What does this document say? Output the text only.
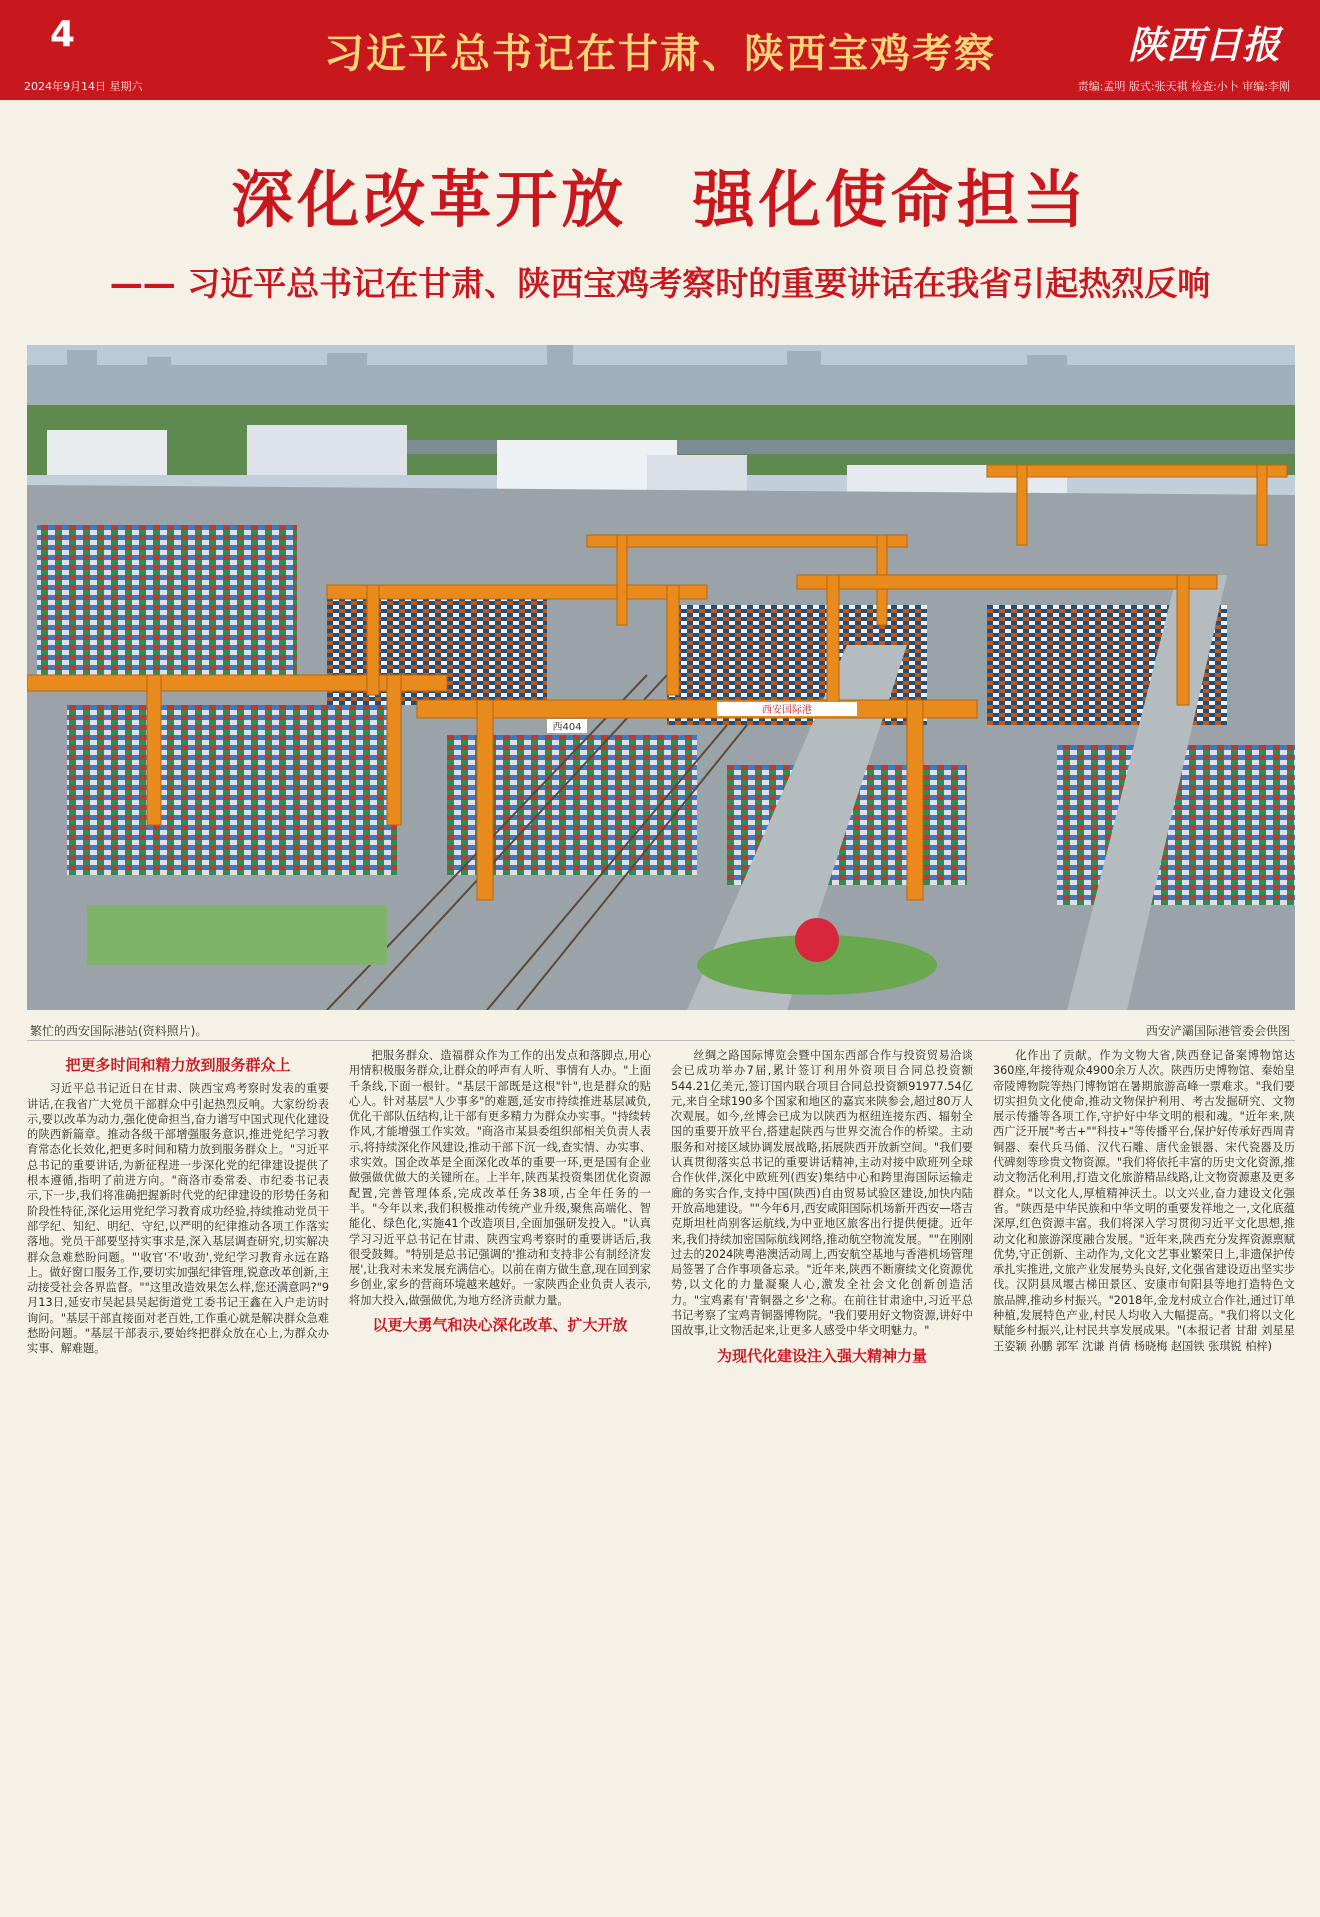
4	习近平总书记在甘肃、陕西宝鸡考察	陕西日报
2024年9月14日 星期六	责编:孟明 版式:张天祺 检查:小卜 审编:李刚
深化改革开放 强化使命担当
—— 习近平总书记在甘肃、陕西宝鸡考察时的重要讲话在我省引起热烈反响
西安国际港
西404
繁忙的西安国际港站(资料照片)。	西安浐灞国际港管委会供图
把更多时间和精力放到服务群众上

习近平总书记近日在甘肃、陕西宝鸡考察时发表的重要讲话,在我省广大党员干部群众中引起热烈反响。大家纷纷表示,要以改革为动力,强化使命担当,奋力谱写中国式现代化建设的陕西新篇章。推动各级干部增强服务意识,推进党纪学习教育常态化长效化,把更多时间和精力放到服务群众上。"习近平总书记的重要讲话,为新征程进一步深化党的纪律建设提供了根本遵循,指明了前进方向。"商洛市委常委、市纪委书记表示,下一步,我们将准确把握新时代党的纪律建设的形势任务和阶段性特征,深化运用党纪学习教育成功经验,持续推动党员干部学纪、知纪、明纪、守纪,以严明的纪律推动各项工作落实落地。党员干部要坚持实事求是,深入基层调查研究,切实解决群众急难愁盼问题。"'收官'不'收劲',党纪学习教育永远在路上。做好窗口服务工作,要切实加强纪律管理,锐意改革创新,主动接受社会各界监督。""这里改造效果怎么样,您还满意吗?"9月13日,延安市吴起县吴起街道党工委书记王鑫在入户走访时询问。"基层干部直接面对老百姓,工作重心就是解决群众急难愁盼问题。"基层干部表示,要始终把群众放在心上,为群众办实事、解难题。

把服务群众、造福群众作为工作的出发点和落脚点,用心用情积极服务群众,让群众的呼声有人听、事情有人办。"上面千条线,下面一根针。"基层干部既是这根"针",也是群众的贴心人。针对基层"人少事多"的难题,延安市持续推进基层减负,优化干部队伍结构,让干部有更多精力为群众办实事。"持续转作风,才能增强工作实效。"商洛市某县委组织部相关负责人表示,将持续深化作风建设,推动干部下沉一线,查实情、办实事、求实效。国企改革是全面深化改革的重要一环,更是国有企业做强做优做大的关键所在。上半年,陕西某投资集团优化资源配置,完善管理体系,完成改革任务38项,占全年任务的一半。"今年以来,我们积极推动传统产业升级,聚焦高端化、智能化、绿色化,实施41个改造项目,全面加强研发投入。"认真学习习近平总书记在甘肃、陕西宝鸡考察时的重要讲话后,我很受鼓舞。"特别是总书记强调的'推动和支持非公有制经济发展',让我对未来发展充满信心。以前在南方做生意,现在回到家乡创业,家乡的营商环境越来越好。一家陕西企业负责人表示,将加大投入,做强做优,为地方经济贡献力量。

以更大勇气和决心深化改革、扩大开放

丝绸之路国际博览会暨中国东西部合作与投资贸易洽谈会已成功举办7届,累计签订利用外资项目合同总投资额544.21亿美元,签订国内联合项目合同总投资额91977.54亿元,来自全球190多个国家和地区的嘉宾来陕参会,超过80万人次观展。如今,丝博会已成为以陕西为枢纽连接东西、辐射全国的重要开放平台,搭建起陕西与世界交流合作的桥梁。主动服务和对接区域协调发展战略,拓展陕西开放新空间。"我们要认真贯彻落实总书记的重要讲话精神,主动对接中欧班列全球合作伙伴,深化中欧班列(西安)集结中心和跨里海国际运输走廊的务实合作,支持中国(陕西)自由贸易试验区建设,加快内陆开放高地建设。""今年6月,西安咸阳国际机场新开西安—塔吉克斯坦杜尚别客运航线,为中亚地区旅客出行提供便捷。近年来,我们持续加密国际航线网络,推动航空物流发展。""在刚刚过去的2024陕粤港澳活动周上,西安航空基地与香港机场管理局签署了合作事项备忘录。"近年来,陕西不断赓续文化资源优势,以文化的力量凝聚人心,激发全社会文化创新创造活力。"宝鸡素有'青铜器之乡'之称。在前往甘肃途中,习近平总书记考察了宝鸡青铜器博物院。"我们要用好文物资源,讲好中国故事,让文物活起来,让更多人感受中华文明魅力。"

为现代化建设注入强大精神力量

化作出了贡献。作为文物大省,陕西登记备案博物馆达360座,年接待观众4900余万人次。陕西历史博物馆、秦始皇帝陵博物院等热门博物馆在暑期旅游高峰一票难求。"我们要切实担负文化使命,推动文物保护利用、考古发掘研究、文物展示传播等各项工作,守护好中华文明的根和魂。"近年来,陕西广泛开展"考古+""科技+"等传播平台,保护好传承好西周青铜器、秦代兵马俑、汉代石雕、唐代金银器、宋代瓷器及历代碑刻等珍贵文物资源。"我们将依托丰富的历史文化资源,推动文物活化利用,打造文化旅游精品线路,让文物资源惠及更多群众。"以文化人,厚植精神沃土。以文兴业,奋力建设文化强省。"陕西是中华民族和中华文明的重要发祥地之一,文化底蕴深厚,红色资源丰富。我们将深入学习贯彻习近平文化思想,推动文化和旅游深度融合发展。"近年来,陕西充分发挥资源禀赋优势,守正创新、主动作为,文化文艺事业繁荣日上,非遗保护传承扎实推进,文旅产业发展势头良好,文化强省建设迈出坚实步伐。汉阴县凤堰古梯田景区、安康市旬阳县等地打造特色文旅品牌,推动乡村振兴。"2018年,金龙村成立合作社,通过订单种植,发展特色产业,村民人均收入大幅提高。"我们将以文化赋能乡村振兴,让村民共享发展成果。"(本报记者 甘甜 刘星星 王姿颖 孙鹏 郭军 沈谦 肖倩 杨晓梅 赵国铁 张琪锐 柏梓)
